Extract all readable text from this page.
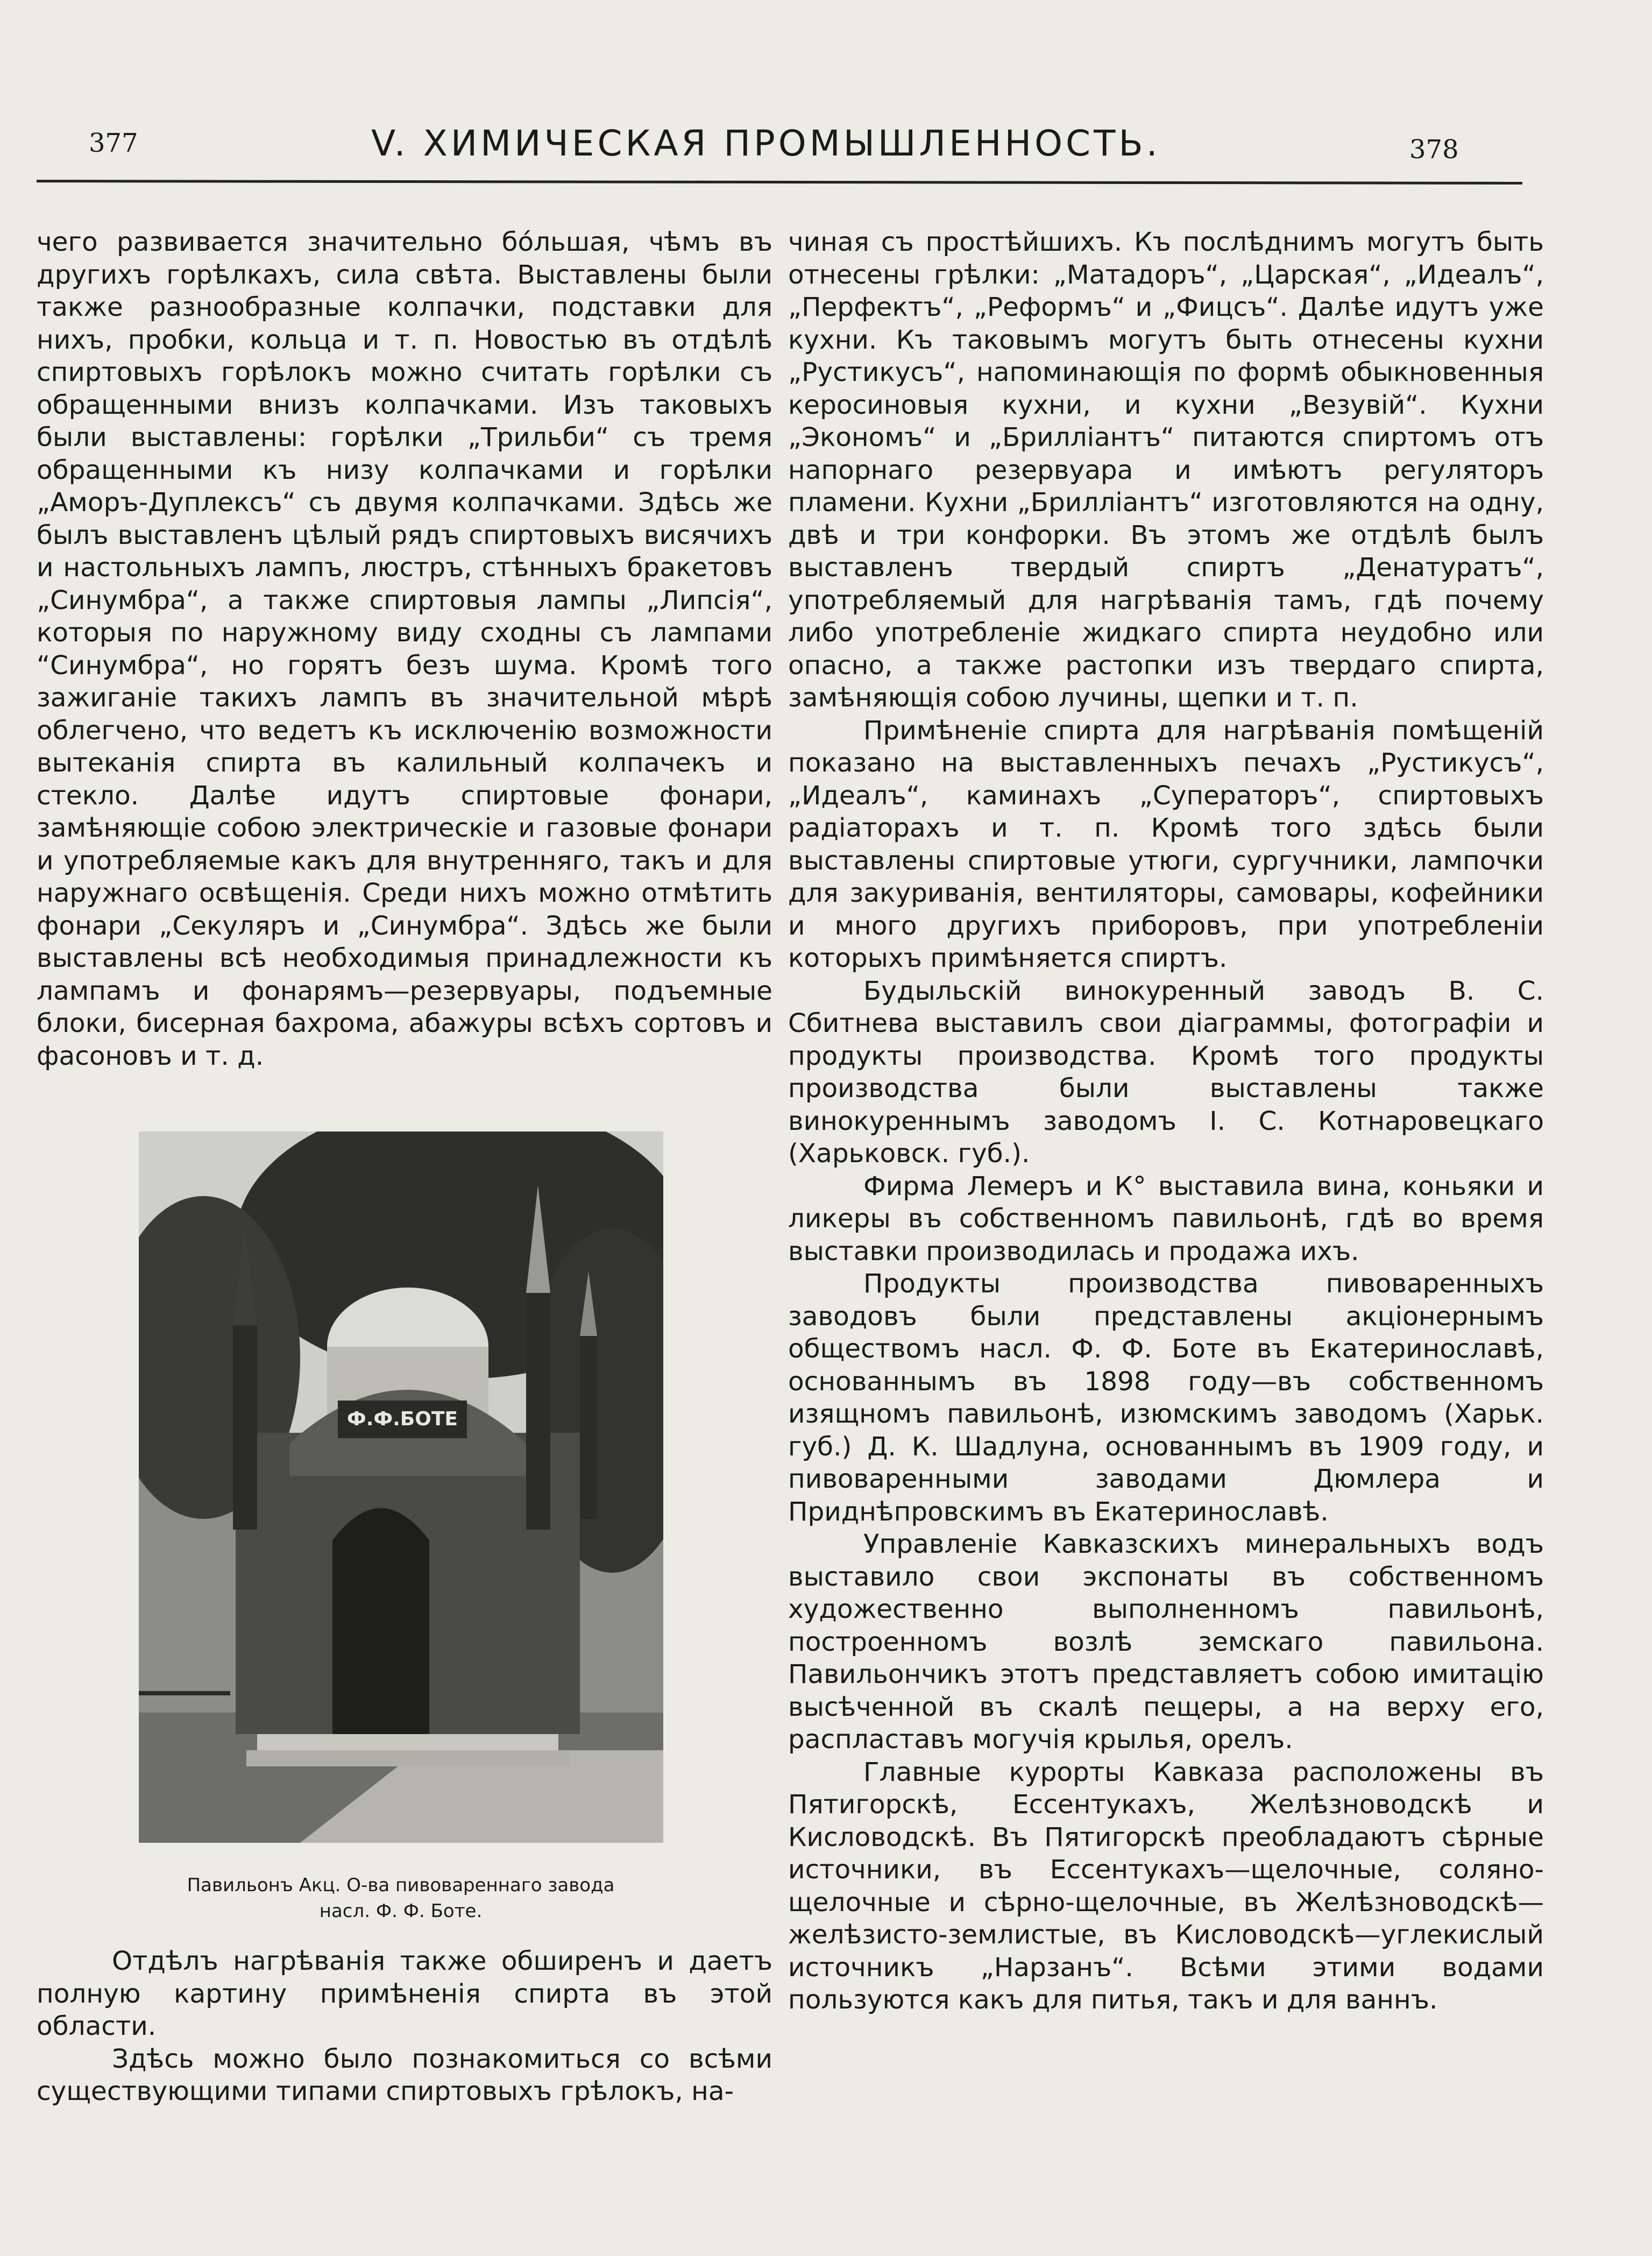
377	V. ХИМИЧЕСКАЯ ПРОМЫШЛЕННОСТЬ.	378

чего развивается значительно бо́льшая, чѣмъ въ другихъ горѣлкахъ, сила свѣта. Выставлены были также разнообразные колпачки, подставки для нихъ, пробки, кольца и т. п. Новостью въ отдѣлѣ спиртовыхъ горѣлокъ можно считать горѣлки съ обращенными внизъ колпачками. Изъ таковыхъ были выставлены: горѣлки „Трильби“ съ тремя обращенными къ низу колпачками и горѣлки „Аморъ-Дуплексъ“ съ двумя колпачками. Здѣсь же былъ выставленъ цѣлый рядъ спиртовыхъ висячихъ и настольныхъ лампъ, люстръ, стѣнныхъ бракетовъ „Синумбра“, а также спиртовыя лампы „Липсія“, которыя по наружному виду сходны съ лампами “Синумбра“, но горятъ безъ шума. Кромѣ того зажиганіе такихъ лампъ въ значительной мѣрѣ облегчено, что ведетъ къ исключенію возможности вытеканія спирта въ калильный колпачекъ и стекло. Далѣе идутъ спиртовые фонари, замѣняющіе собою электрическіе и газовые фонари и употребляемые какъ для внутренняго, такъ и для наружнаго освѣщенія. Среди нихъ можно отмѣтить фонари „Секуляръ и „Синумбра“. Здѣсь же были выставлены всѣ необходимыя принадлежности къ лампамъ и фонарямъ—резервуары, подъемные блоки, бисерная бахрома, абажуры всѣхъ сортовъ и фасоновъ и т. д.

Ф.Ф.БОТЕ
Павильонъ Акц. О-ва пивовареннаго завода
насл. Ф. Ф. Боте.

Отдѣлъ нагрѣванія также обширенъ и даетъ полную картину примѣненія спирта въ этой области.

Здѣсь можно было познакомиться со всѣми существующими типами спиртовыхъ грѣлокъ, на-

чиная съ простѣйшихъ. Къ послѣднимъ могутъ быть отнесены грѣлки: „Матадоръ“, „Царская“, „Идеалъ“, „Перфектъ“, „Реформъ“ и „Фицсъ“. Далѣе идутъ уже кухни. Къ таковымъ могутъ быть отнесены кухни „Рустикусъ“, напоминающія по формѣ обыкновенныя керосиновыя кухни, и кухни „Везувій“. Кухни „Экономъ“ и „Брилліантъ“ питаются спиртомъ отъ напорнаго резервуара и имѣютъ регуляторъ пламени. Кухни „Брилліантъ“ изготовляются на одну, двѣ и три конфорки. Въ этомъ же отдѣлѣ былъ выставленъ твердый спиртъ „Денатуратъ“, употребляемый для нагрѣванія тамъ, гдѣ почему либо употребленіе жидкаго спирта неудобно или опасно, а также растопки изъ твердаго спирта, замѣняющія собою лучины, щепки и т. п.

Примѣненіе спирта для нагрѣванія помѣщеній показано на выставленныхъ печахъ „Рустикусъ“, „Идеалъ“, каминахъ „Суператоръ“, спиртовыхъ радіаторахъ и т. п. Кромѣ того здѣсь были выставлены спиртовые утюги, сургучники, лампочки для закуриванія, вентиляторы, самовары, кофейники и много другихъ приборовъ, при употребленіи которыхъ примѣняется спиртъ.

Будыльскій винокуренный заводъ В. С. Сбитнева выставилъ свои діаграммы, фотографіи и продукты производства. Кромѣ того продукты производства были выставлены также винокуреннымъ заводомъ І. С. Котнаровецкаго (Харьковск. губ.).

Фирма Лемеръ и К° выставила вина, коньяки и ликеры въ собственномъ павильонѣ, гдѣ во время выставки производилась и продажа ихъ.

Продукты производства пивоваренныхъ заводовъ были представлены акціонернымъ обществомъ насл. Ф. Ф. Боте въ Екатеринославѣ, основаннымъ въ 1898 году—въ собственномъ изящномъ павильонѣ, изюмскимъ заводомъ (Харьк. губ.) Д. К. Шадлуна, основаннымъ въ 1909 году, и пивоваренными заводами Дюмлера и Приднѣпровскимъ въ Екатеринославѣ.

Управленіе Кавказскихъ минеральныхъ водъ выставило свои экспонаты въ собственномъ художественно выполненномъ павильонѣ, построенномъ возлѣ земскаго павильона. Павильончикъ этотъ представляетъ собою имитацію высѣченной въ скалѣ пещеры, а на верху его, распластавъ могучія крылья, орелъ.

Главные курорты Кавказа расположены въ Пятигорскѣ, Ессентукахъ, Желѣзноводскѣ и Кисловодскѣ. Въ Пятигорскѣ преобладаютъ сѣрные источники, въ Ессентукахъ—щелочные, соляно-щелочные и сѣрно-щелочные, въ Желѣзноводскѣ—желѣзисто-землистые, въ Кисловодскѣ—углекислый источникъ „Нарзанъ“. Всѣми этими водами пользуются какъ для питья, такъ и для ваннъ.
